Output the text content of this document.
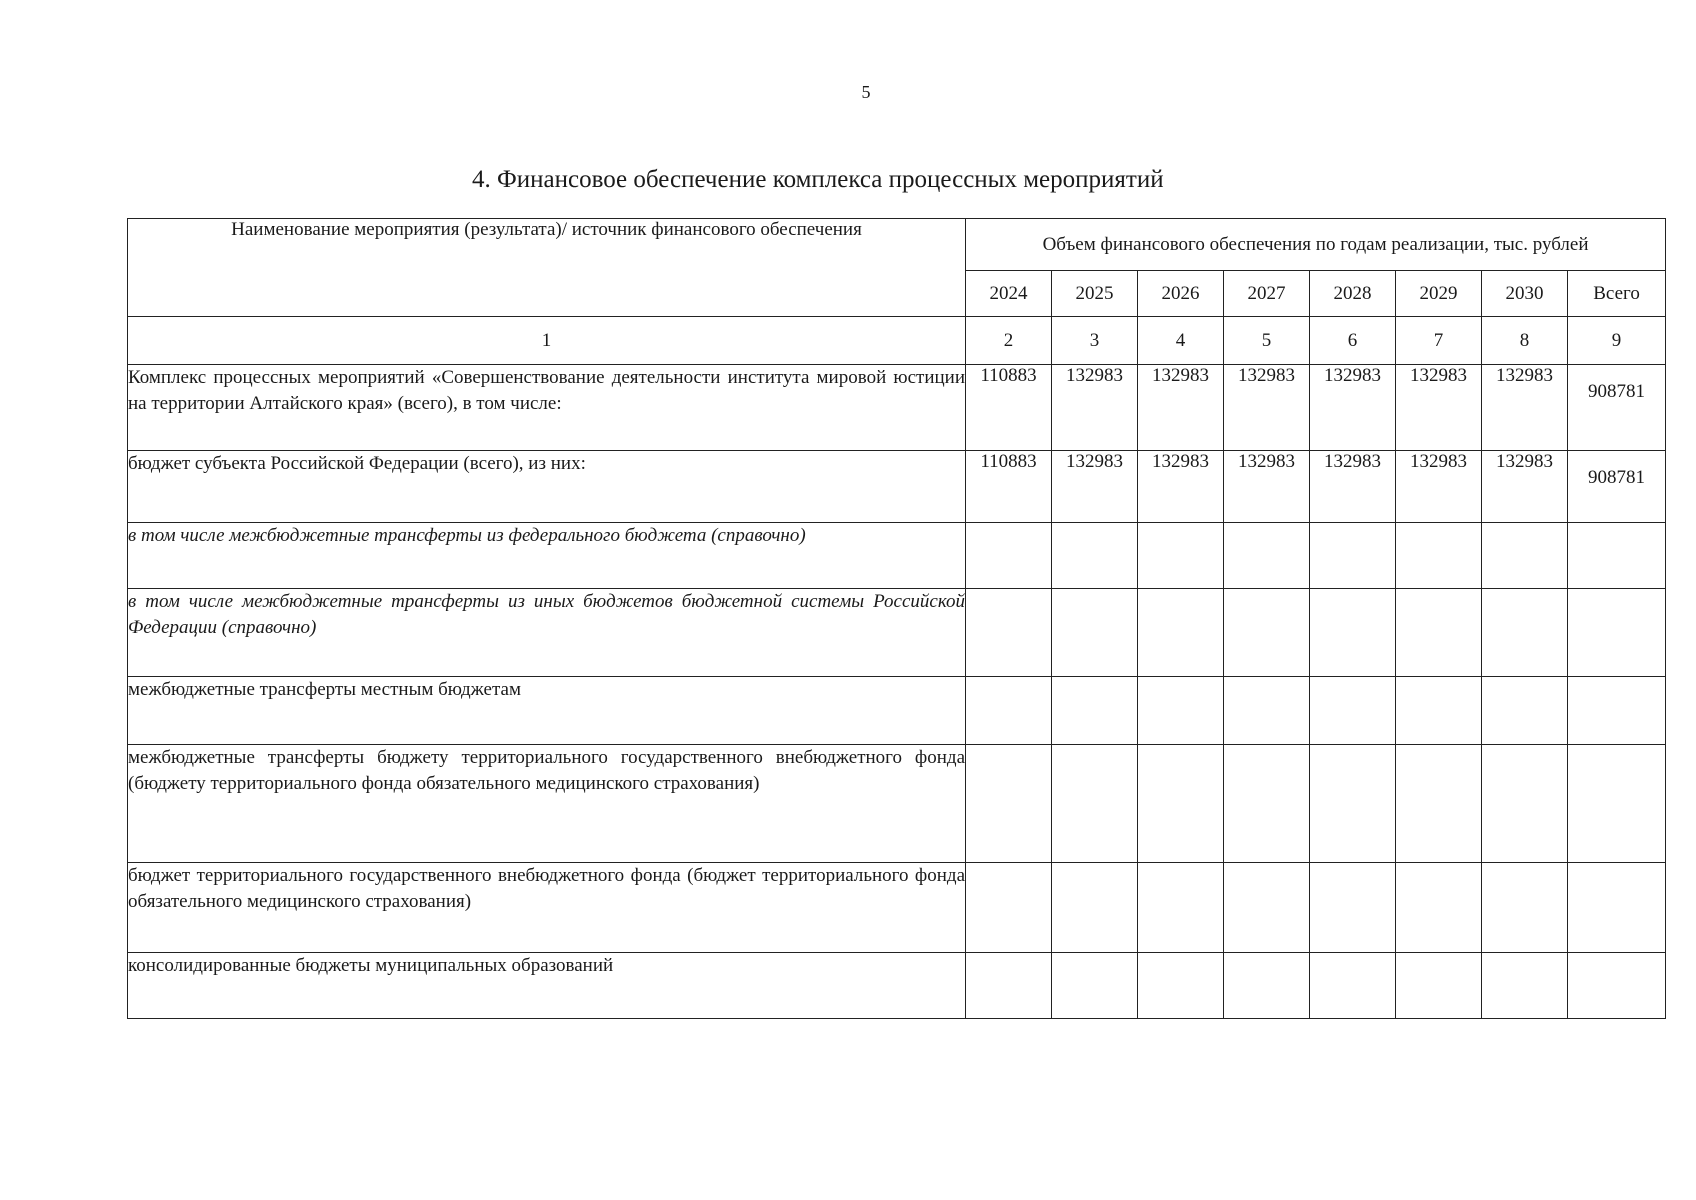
5
4. Финансовое обеспечение комплекса процессных мероприятий
Наименование мероприятия (результата)/ источник финансового обеспечения	Объем финансового обеспечения по годам реализации, тыс. рублей							
	2024	2025	2026	2027	2028	2029	2030	Всего
1	2	3	4	5	6	7	8	9
Комплекс процессных мероприятий «Совершенствование деятельности института мировой юстиции на территории Алтайского края» (всего), в том числе:	110883	132983	132983	132983	132983	132983	132983	908781
бюджет субъекта Российской Федерации (всего), из них:	110883	132983	132983	132983	132983	132983	132983	908781
в том числе межбюджетные трансферты из федерального бюджета (справочно)								
в том числе межбюджетные трансферты из иных бюджетов бюджетной системы Российской Федерации (справочно)								
межбюджетные трансферты местным бюджетам								
межбюджетные трансферты бюджету территориального государственного внебюджетного фонда (бюджету территориального фонда обязательного медицинского страхования)								
бюджет территориального государственного внебюджетного фонда (бюджет территориального фонда обязательного медицинского страхования)								
консолидированные бюджеты муниципальных образований								
